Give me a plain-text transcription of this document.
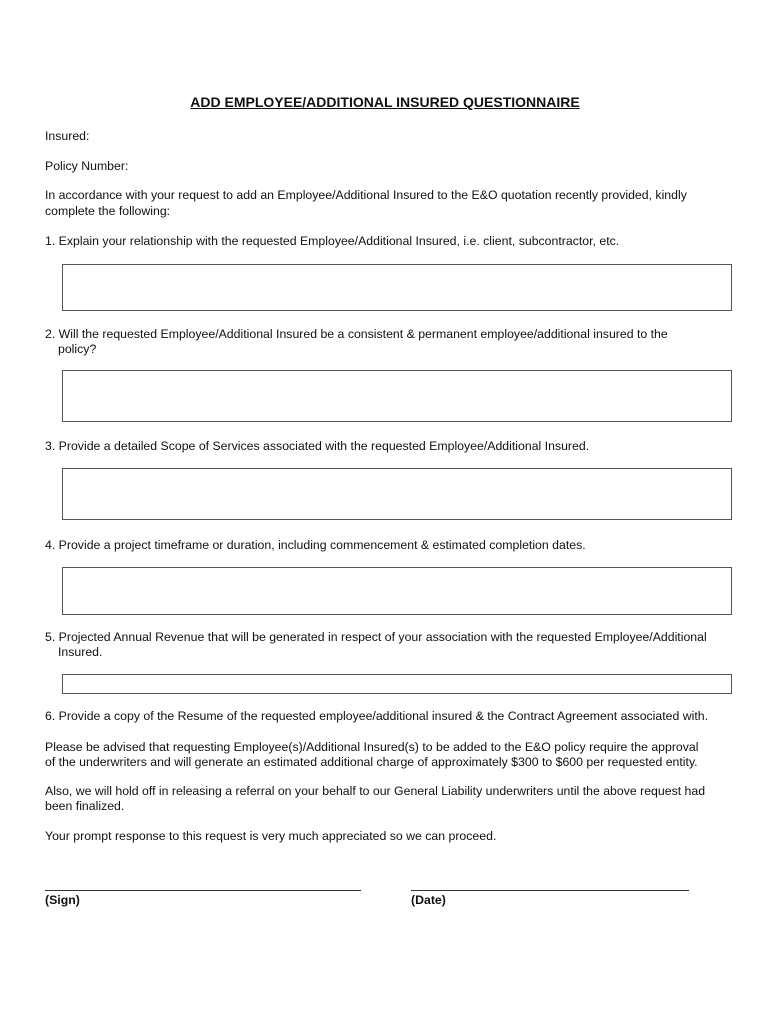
ADD EMPLOYEE/ADDITIONAL INSURED QUESTIONNAIRE

Insured:

Policy Number:

In accordance with your request to add an Employee/Additional Insured to the E&O quotation recently provided, kindly

complete the following:

1. Explain your relationship with the requested Employee/Additional Insured, i.e. client, subcontractor, etc.

2. Will the requested Employee/Additional Insured be a consistent & permanent employee/additional insured to the

policy?

3. Provide a detailed Scope of Services associated with the requested Employee/Additional Insured.

4. Provide a project timeframe or duration, including commencement & estimated completion dates.

5. Projected Annual Revenue that will be generated in respect of your association with the requested Employee/Additional

Insured.

6. Provide a copy of the Resume of the requested employee/additional insured & the Contract Agreement associated with.

Please be advised that requesting Employee(s)/Additional Insured(s) to be added to the E&O policy require the approval

of the underwriters and will generate an estimated additional charge of approximately $300 to $600 per requested entity.

Also, we will hold off in releasing a referral on your behalf to our General Liability underwriters until the above request had

been finalized.

Your prompt response to this request is very much appreciated so we can proceed.

(Sign)	(Date)
